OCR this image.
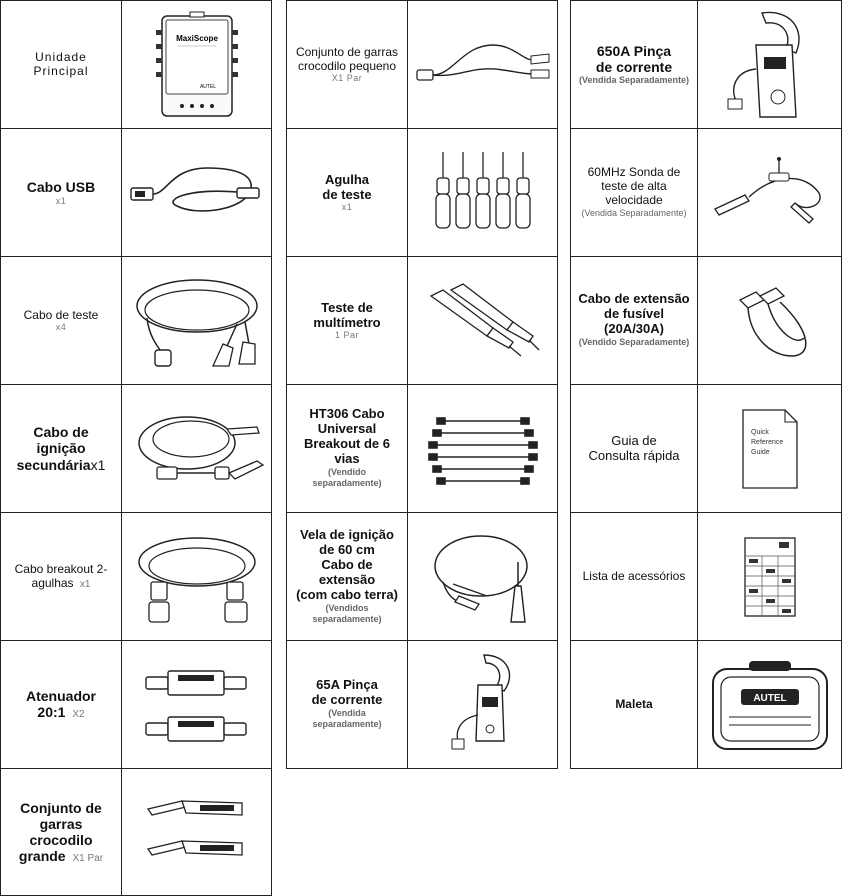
Unidade Principal
MaxiScope
AUTEL
Cabo USB
x1
Cabo de teste
x4
Cabo de
ignição
secundáriax1
Cabo breakout 2-
agulhas x1
Atenuador
20:1 X2
Conjunto de
garras
crocodilo
grande X1 Par
Conjunto de garras
crocodilo pequeno
X1 Par
Agulha
de teste
x1
Teste de
multímetro
1 Par
HT306 Cabo
Universal
Breakout de 6
vias
(Vendido
separadamente)
Vela de ignição
de 60 cm
Cabo de
extensão
(com cabo terra)
(Vendidos
separadamente)
65A Pinça
de corrente
(Vendida
separadamente)
650A Pinça
de corrente
(Vendida Separadamente)
60MHz Sonda de
teste de alta
velocidade
(Vendida Separadamente)
Cabo de extensão
de fusível
(20A/30A)
(Vendido Separadamente)
Guia de
Consulta rápida
Quick
Reference
Guide
Lista de acessórios
Maleta	AUTEL
